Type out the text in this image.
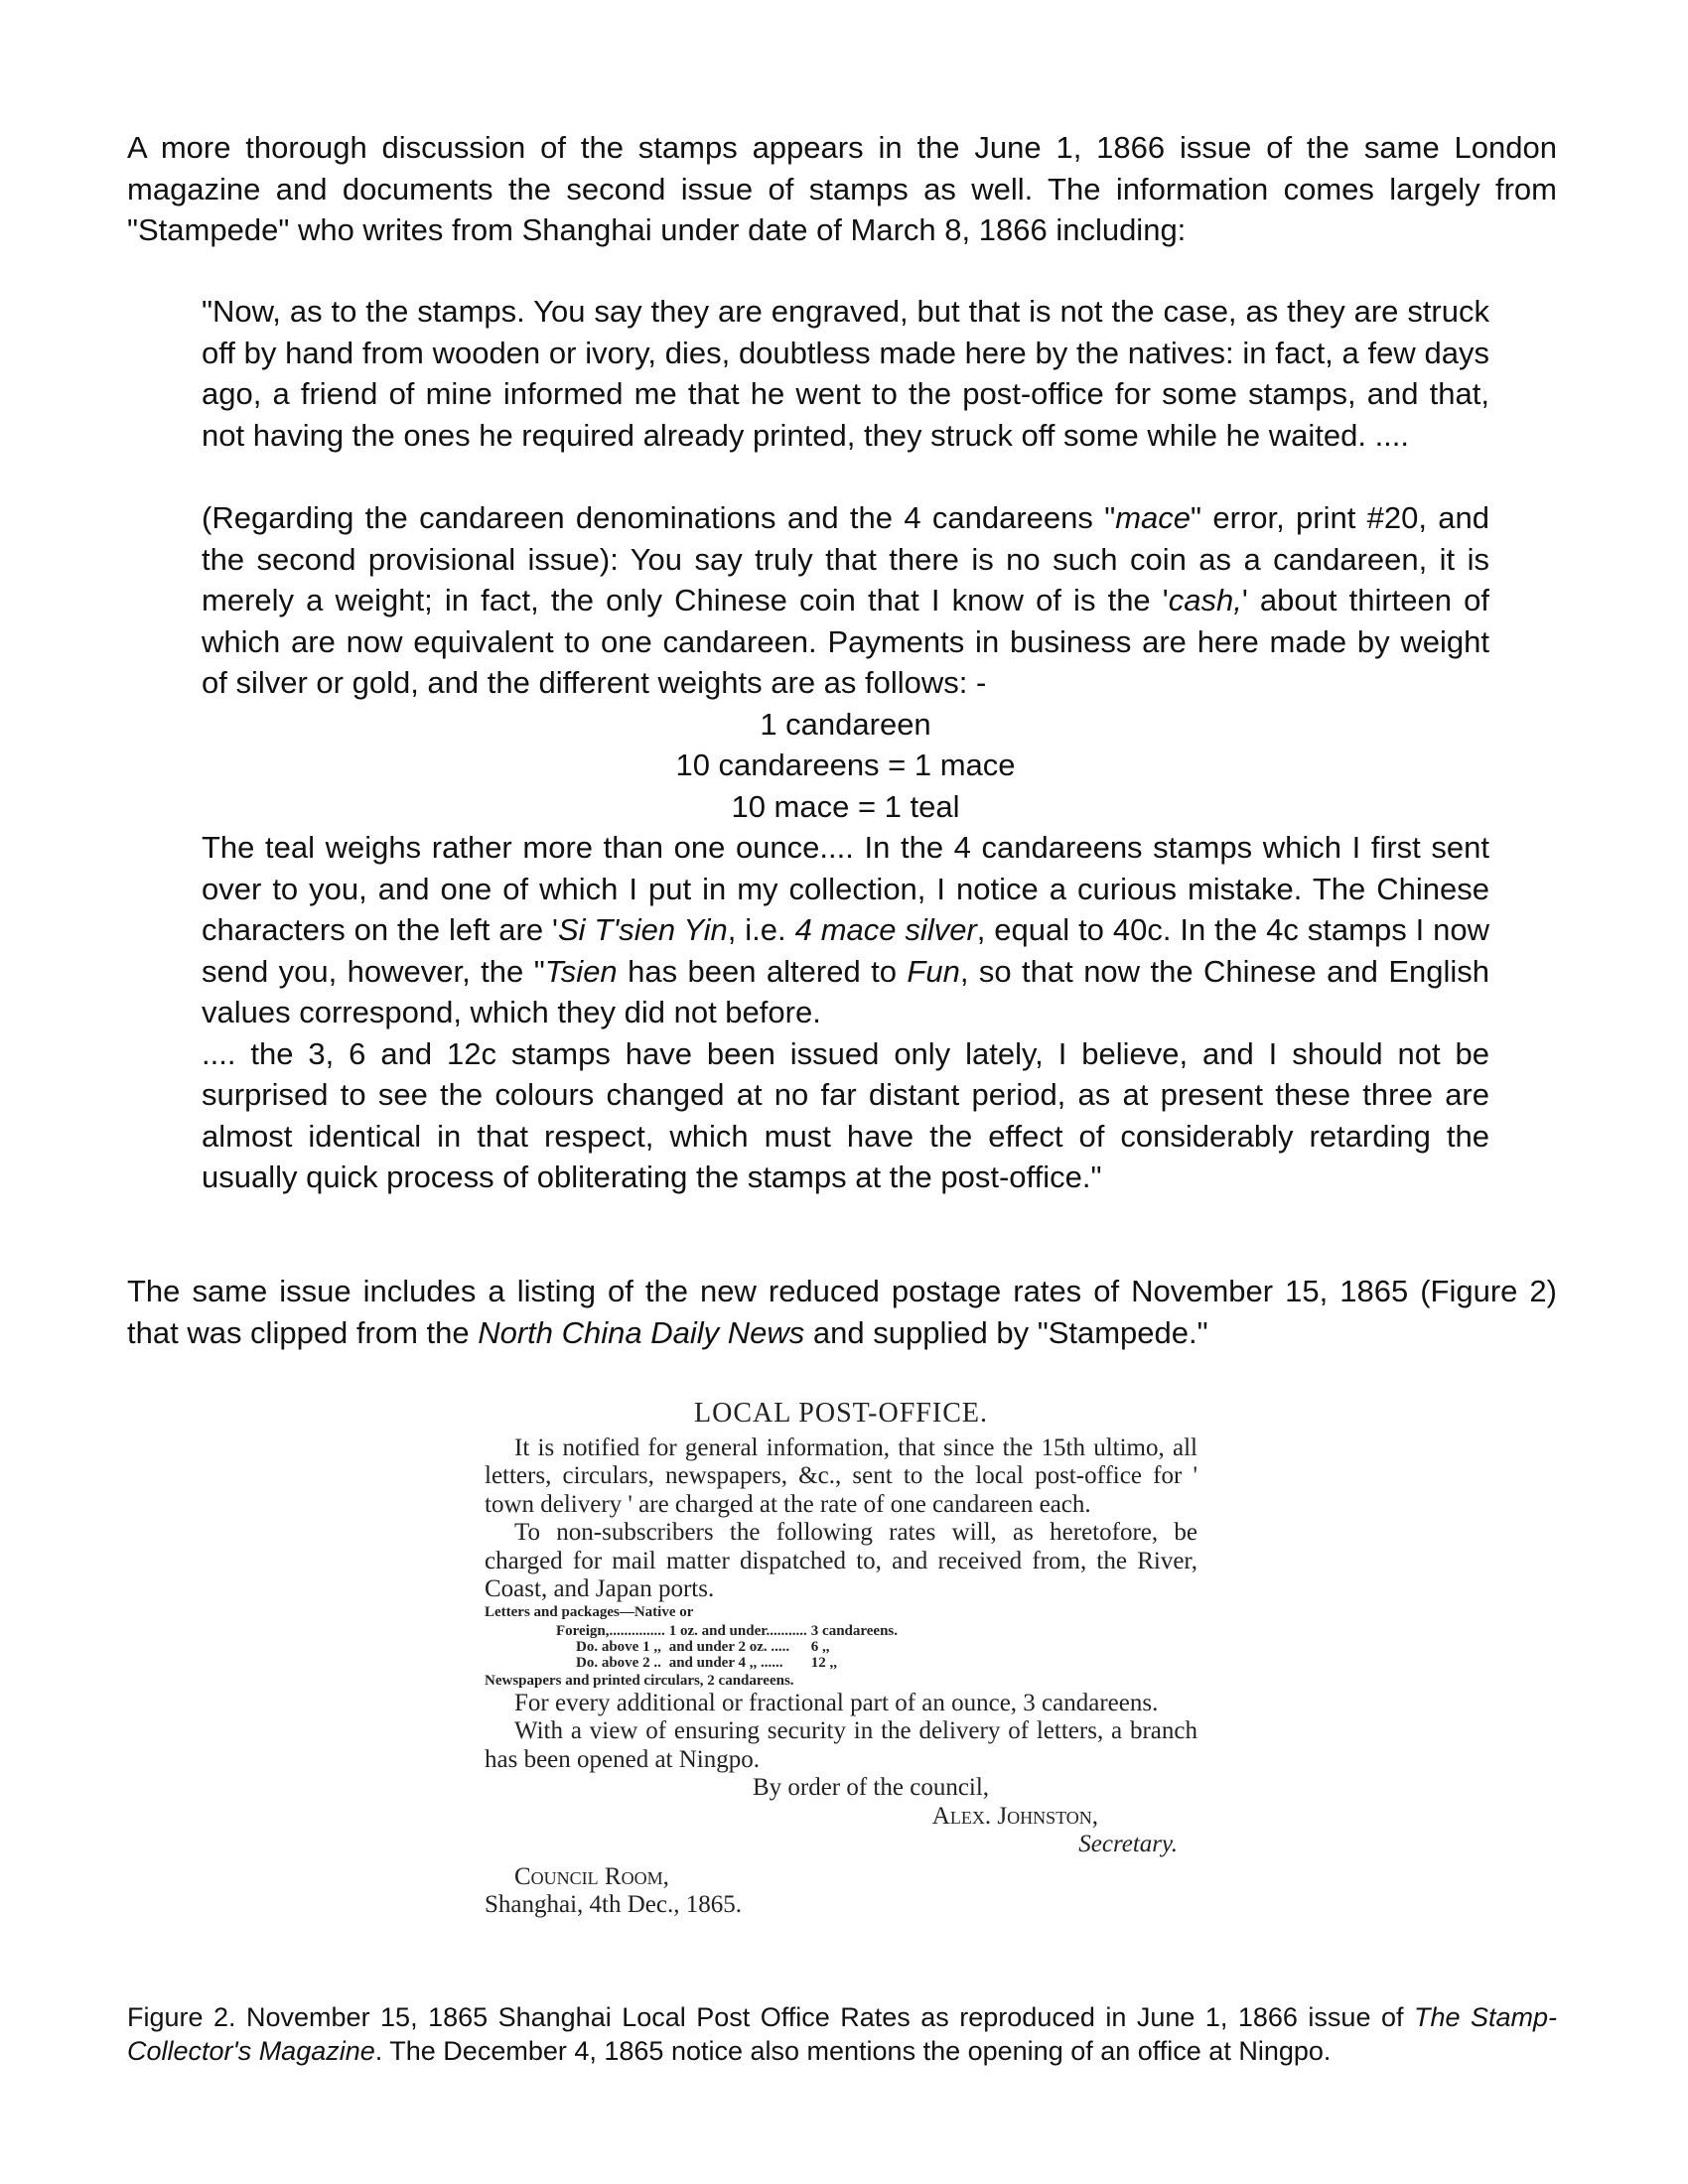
A more thorough discussion of the stamps appears in the June 1, 1866 issue of the same London magazine and documents the second issue of stamps as well. The information comes largely from "Stampede" who writes from Shanghai under date of March 8, 1866 including:

"Now, as to the stamps. You say they are engraved, but that is not the case, as they are struck off by hand from wooden or ivory, dies, doubtless made here by the natives: in fact, a few days ago, a friend of mine informed me that he went to the post-office for some stamps, and that, not having the ones he required already printed, they struck off some while he waited. ....

(Regarding the candareen denominations and the 4 candareens "mace" error, print #20, and the second provisional issue): You say truly that there is no such coin as a candareen, it is merely a weight; in fact, the only Chinese coin that I know of is the 'cash,' about thirteen of which are now equivalent to one candareen. Payments in business are here made by weight of silver or gold, and the different weights are as follows: -

1 candareen

10 candareens = 1 mace

10 mace = 1 teal

The teal weighs rather more than one ounce.... In the 4 candareens stamps which I first sent over to you, and one of which I put in my collection, I notice a curious mistake. The Chinese characters on the left are 'Si T'sien Yin, i.e. 4 mace silver, equal to 40c. In the 4c stamps I now send you, however, the "Tsien has been altered to Fun, so that now the Chinese and English values correspond, which they did not before.

.... the 3, 6 and 12c stamps have been issued only lately, I believe, and I should not be surprised to see the colours changed at no far distant period, as at present these three are almost identical in that respect, which must have the effect of considerably retarding the usually quick process of obliterating the stamps at the post-office."

The same issue includes a listing of the new reduced postage rates of November 15, 1865 (Figure 2) that was clipped from the North China Daily News and supplied by "Stampede."

LOCAL POST-OFFICE.

It is notified for general information, that since the 15th ultimo, all letters, circulars, newspapers, &c., sent to the local post-office for ' town delivery ' are charged at the rate of one candareen each.

To non-subscribers the following rates will, as heretofore, be charged for mail matter dispatched to, and received from, the River, Coast, and Japan ports.

Letters and packages—Native or

Foreign,...............	1 oz. and under...........	3 candareens.
Do. above 1 ,,	and under 2 oz. .....	6 ,,
Do. above 2 ..	and under 4 ,, ......	12 ,,

Newspapers and printed circulars, 2 candareens.

For every additional or fractional part of an ounce, 3 candareens.

With a view of ensuring security in the delivery of letters, a branch has been opened at Ningpo.

By order of the council,

Alex. Johnston,

Secretary.

Council Room,

Shanghai, 4th Dec., 1865.

Figure 2. November 15, 1865 Shanghai Local Post Office Rates as reproduced in June 1, 1866 issue of The Stamp-Collector's Magazine. The December 4, 1865 notice also mentions the opening of an office at Ningpo.
